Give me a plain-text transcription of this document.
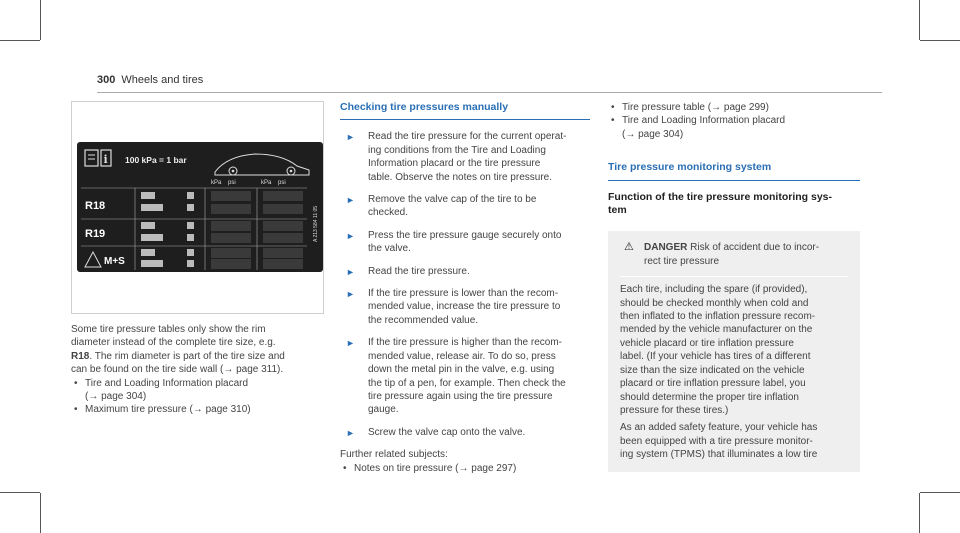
300 Wheels and tires
i 100 kPa = 1 bar
kPa psi	kPa psi
R18
R19
M+S
A 213 584 11 05

Some tire pressure tables only show the rim
diameter instead of the complete tire size, e.g.
R18. The rim diameter is part of the tire size and
can be found on the tire side wall (→ page 311).

• Tire and Loading Information placard
(→ page 304)
• Maximum tire pressure (→ page 310)
Checking tire pressures manually
► Read the tire pressure for the current operat-
ing conditions from the Tire and Loading
Information placard or the tire pressure
table. Observe the notes on tire pressure.
► Remove the valve cap of the tire to be
checked.
► Press the tire pressure gauge securely onto
the valve.
► Read the tire pressure.
► If the tire pressure is lower than the recom-
mended value, increase the tire pressure to
the recommended value.
► If the tire pressure is higher than the recom-
mended value, release air. To do so, press
down the metal pin in the valve, e.g. using
the tip of a pen, for example. Then check the
tire pressure again using the tire pressure
gauge.
► Screw the valve cap onto the valve.

Further related subjects:

• Notes on tire pressure (→ page 297)
• Tire pressure table (→ page 299)
• Tire and Loading Information placard
(→ page 304)
Tire pressure monitoring system
Function of the tire pressure monitoring sys-
tem
⚠ DANGER Risk of accident due to incor-
rect tire pressure

Each tire, including the spare (if provided),
should be checked monthly when cold and
then inflated to the inflation pressure recom-
mended by the vehicle manufacturer on the
vehicle placard or tire inflation pressure
label. (If your vehicle has tires of a different
size than the size indicated on the vehicle
placard or tire inflation pressure label, you
should determine the proper tire inflation
pressure for these tires.)

As an added safety feature, your vehicle has
been equipped with a tire pressure monitor-
ing system (TPMS) that illuminates a low tire
